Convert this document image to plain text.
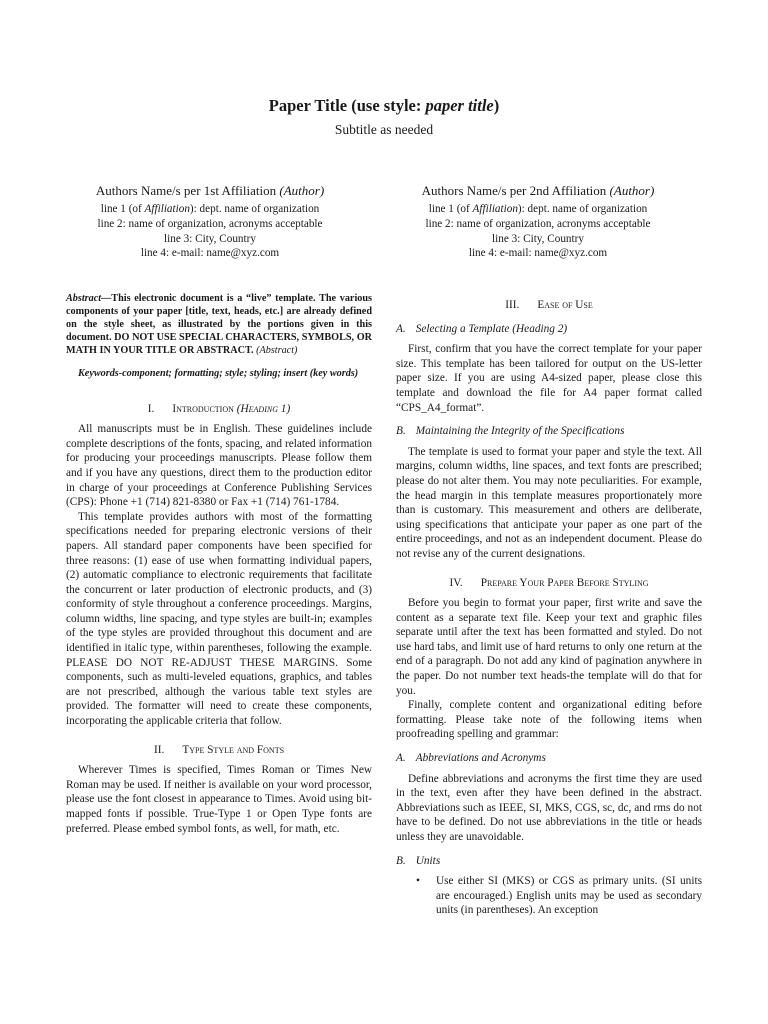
Paper Title (use style: paper title)
Subtitle as needed
Authors Name/s per 1st Affiliation (Author)
line 1 (of Affiliation): dept. name of organization
line 2: name of organization, acronyms acceptable
line 3: City, Country
line 4: e-mail: name@xyz.com
Authors Name/s per 2nd Affiliation (Author)
line 1 (of Affiliation): dept. name of organization
line 2: name of organization, acronyms acceptable
line 3: City, Country
line 4: e-mail: name@xyz.com

Abstract—This electronic document is a “live” template. The various components of your paper [title, text, heads, etc.] are already defined on the style sheet, as illustrated by the portions given in this document. DO NOT USE SPECIAL CHARACTERS, SYMBOLS, OR MATH IN YOUR TITLE OR ABSTRACT. (Abstract)

Keywords-component; formatting; style; styling; insert (key words)

I. Introduction (Heading 1)

All manuscripts must be in English. These guidelines include complete descriptions of the fonts, spacing, and related information for producing your proceedings manuscripts. Please follow them and if you have any questions, direct them to the production editor in charge of your proceedings at Conference Publishing Services (CPS): Phone +1 (714) 821-8380 or Fax +1 (714) 761-1784.

This template provides authors with most of the formatting specifications needed for preparing electronic versions of their papers. All standard paper components have been specified for three reasons: (1) ease of use when formatting individual papers, (2) automatic compliance to electronic requirements that facilitate the concurrent or later production of electronic products, and (3) conformity of style throughout a conference proceedings. Margins, column widths, line spacing, and type styles are built-in; examples of the type styles are provided throughout this document and are identified in italic type, within parentheses, following the example. PLEASE DO NOT RE-ADJUST THESE MARGINS. Some components, such as multi-leveled equations, graphics, and tables are not prescribed, although the various table text styles are provided. The formatter will need to create these components, incorporating the applicable criteria that follow.

II. Type Style and Fonts

Wherever Times is specified, Times Roman or Times New Roman may be used. If neither is available on your word processor, please use the font closest in appearance to Times. Avoid using bit-mapped fonts if possible. True-Type 1 or Open Type fonts are preferred. Please embed symbol fonts, as well, for math, etc.

III. Ease of Use
A. Selecting a Template (Heading 2)

First, confirm that you have the correct template for your paper size. This template has been tailored for output on the US-letter paper size. If you are using A4-sized paper, please close this template and download the file for A4 paper format called “CPS_A4_format”.

B. Maintaining the Integrity of the Specifications

The template is used to format your paper and style the text. All margins, column widths, line spaces, and text fonts are prescribed; please do not alter them. You may note peculiarities. For example, the head margin in this template measures proportionately more than is customary. This measurement and others are deliberate, using specifications that anticipate your paper as one part of the entire proceedings, and not as an independent document. Please do not revise any of the current designations.

IV. Prepare Your Paper Before Styling

Before you begin to format your paper, first write and save the content as a separate text file. Keep your text and graphic files separate until after the text has been formatted and styled. Do not use hard tabs, and limit use of hard returns to only one return at the end of a paragraph. Do not add any kind of pagination anywhere in the paper. Do not number text heads-the template will do that for you.

Finally, complete content and organizational editing before formatting. Please take note of the following items when proofreading spelling and grammar:

A. Abbreviations and Acronyms

Define abbreviations and acronyms the first time they are used in the text, even after they have been defined in the abstract. Abbreviations such as IEEE, SI, MKS, CGS, sc, dc, and rms do not have to be defined. Do not use abbreviations in the title or heads unless they are unavoidable.

B. Units
•	Use either SI (MKS) or CGS as primary units. (SI units are encouraged.) English units may be used as secondary units (in parentheses). An exception
